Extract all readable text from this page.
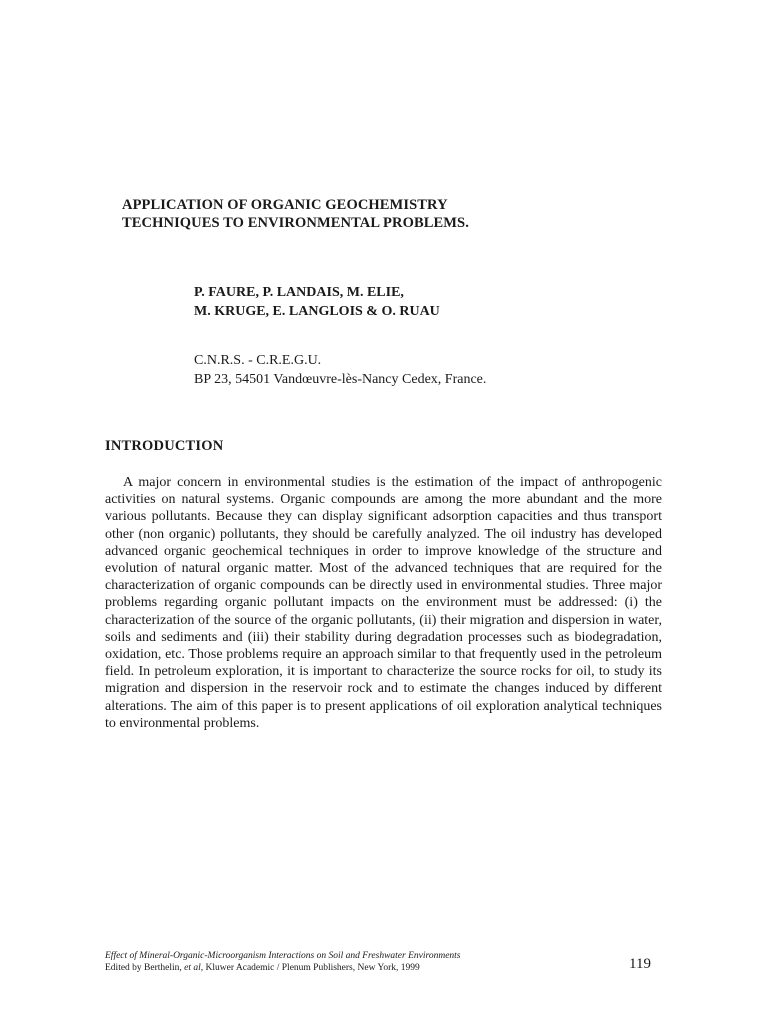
APPLICATION OF ORGANIC GEOCHEMISTRY
TECHNIQUES TO ENVIRONMENTAL PROBLEMS.
P. FAURE, P. LANDAIS, M. ELIE,
M. KRUGE, E. LANGLOIS & O. RUAU
C.N.R.S. - C.R.E.G.U.
BP 23, 54501 Vandœuvre-lès-Nancy Cedex, France.
INTRODUCTION

A major concern in environmental studies is the estimation of the impact of anthropogenic activities on natural systems. Organic compounds are among the more abundant and the more various pollutants. Because they can display significant adsorption capacities and thus transport other (non organic) pollutants, they should be carefully analyzed. The oil industry has developed advanced organic geochemical techniques in order to improve knowledge of the structure and evolution of natural organic matter. Most of the advanced techniques that are required for the characterization of organic compounds can be directly used in environmental studies. Three major problems regarding organic pollutant impacts on the environment must be addressed: (i) the characterization of the source of the organic pollutants, (ii) their migration and dispersion in water, soils and sediments and (iii) their stability during degradation processes such as biodegradation, oxidation, etc. Those problems require an approach similar to that frequently used in the petroleum field. In petroleum exploration, it is important to characterize the source rocks for oil, to study its migration and dispersion in the reservoir rock and to estimate the changes induced by different alterations. The aim of this paper is to present applications of oil exploration analytical techniques to environmental problems.

Effect of Mineral-Organic-Microorganism Interactions on Soil and Freshwater Environments
Edited by Berthelin, et al, Kluwer Academic / Plenum Publishers, New York, 1999	119
